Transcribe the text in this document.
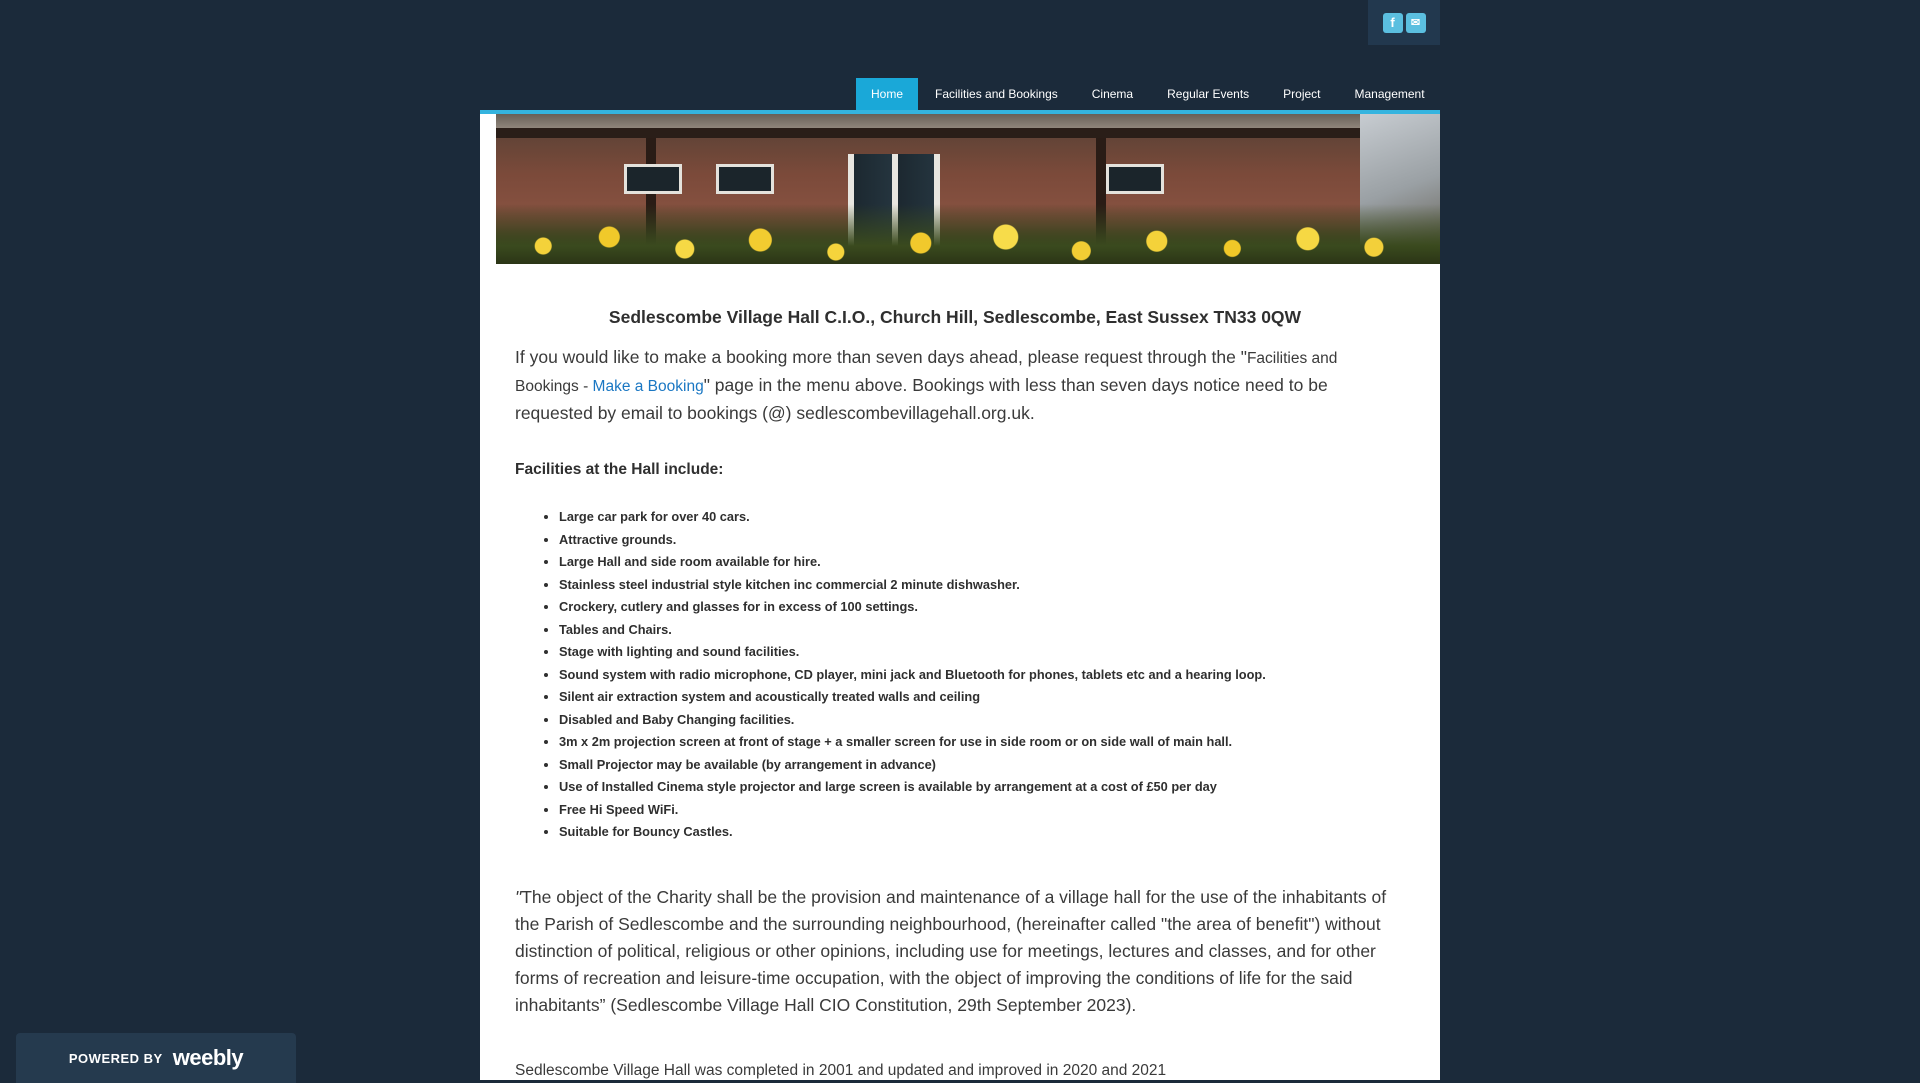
f	✉
Home	Facilities and Bookings	Cinema	Regular Events	Project	Management
Sedlescombe Village Hall C.I.O., Church Hill, Sedlescombe, East Sussex TN33 0QW

If you would like to make a booking more than seven days ahead, please request through the "Facilities and Bookings - Make a Booking" page in the menu above. Bookings with less than seven days notice need to be requested by email to bookings (@) sedlescombevillagehall.org.uk.

Facilities at the Hall include:
• Large car park for over 40 cars.
• Attractive grounds.
• Large Hall and side room available for hire.
• Stainless steel industrial style kitchen inc commercial 2 minute dishwasher.
• Crockery, cutlery and glasses for in excess of 100 settings.
• Tables and Chairs.
• Stage with lighting and sound facilities.
• Sound system with radio microphone, CD player, mini jack and Bluetooth for phones, tablets etc and a hearing loop.
• Silent air extraction system and acoustically treated walls and ceiling
• Disabled and Baby Changing facilities.
• 3m x 2m projection screen at front of stage + a smaller screen for use in side room or on side wall of main hall.
• Small Projector may be available (by arrangement in advance)
• Use of Installed Cinema style projector and large screen is available by arrangement at a cost of £50 per day
• Free Hi Speed WiFi.
• Suitable for Bouncy Castles.

"The object of the Charity shall be the provision and maintenance of a village hall for the use of the inhabitants of the Parish of Sedlescombe and the surrounding neighbourhood, (hereinafter called "the area of benefit") without distinction of political, religious or other opinions, including use for meetings, lectures and classes, and for other forms of recreation and leisure-time occupation, with the object of improving the conditions of life for the said inhabitants” (Sedlescombe Village Hall CIO Constitution, 29th September 2023).

Sedlescombe Village Hall was completed in 2001 and updated and improved in 2020 and 2021
POWERED BY weebly
